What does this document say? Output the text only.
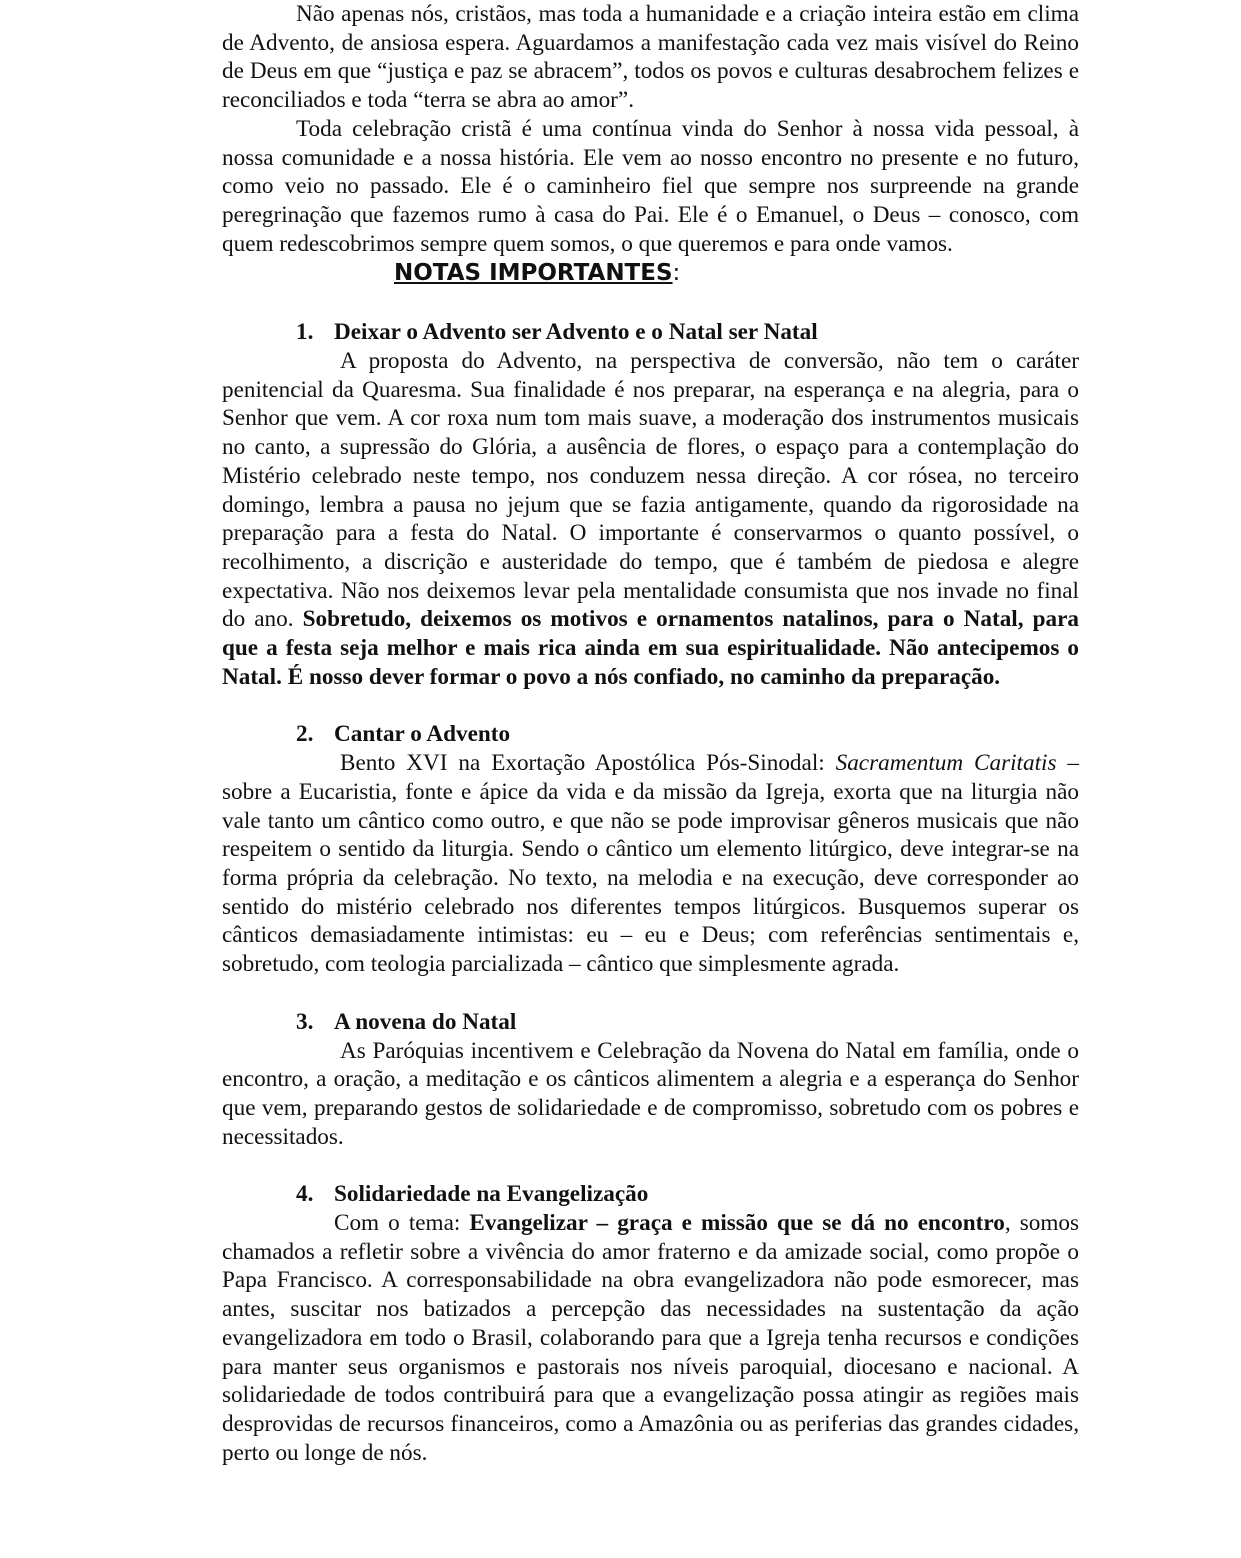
Não apenas nós, cristãos, mas toda a humanidade e a criação inteira estão em clima de Advento, de ansiosa espera. Aguardamos a manifestação cada vez mais visível do Reino de Deus em que “justiça e paz se abracem”, todos os povos e culturas desabrochem felizes e reconciliados e toda “terra se abra ao amor”.

Toda celebração cristã é uma contínua vinda do Senhor à nossa vida pessoal, à nossa comunidade e a nossa história. Ele vem ao nosso encontro no presente e no futuro, como veio no passado. Ele é o caminheiro fiel que sempre nos surpreende na grande peregrinação que fazemos rumo à casa do Pai. Ele é o Emanuel, o Deus – conosco, com quem redescobrimos sempre quem somos, o que queremos e para onde vamos.

NOTAS IMPORTANTES:
1. Deixar o Advento ser Advento e o Natal ser Natal

A proposta do Advento, na perspectiva de conversão, não tem o caráter penitencial da Quaresma. Sua finalidade é nos preparar, na esperança e na alegria, para o Senhor que vem. A cor roxa num tom mais suave, a moderação dos instrumentos musicais no canto, a supressão do Glória, a ausência de flores, o espaço para a contemplação do Mistério celebrado neste tempo, nos conduzem nessa direção. A cor rósea, no terceiro domingo, lembra a pausa no jejum que se fazia antigamente, quando da rigorosidade na preparação para a festa do Natal. O importante é conservarmos o quanto possível, o recolhimento, a discrição e austeridade do tempo, que é também de piedosa e alegre expectativa. Não nos deixemos levar pela mentalidade consumista que nos invade no final do ano. Sobretudo, deixemos os motivos e ornamentos natalinos, para o Natal, para que a festa seja melhor e mais rica ainda em sua espiritualidade. Não antecipemos o Natal. É nosso dever formar o povo a nós confiado, no caminho da preparação.

2. Cantar o Advento

Bento XVI na Exortação Apostólica Pós-Sinodal: Sacramentum Caritatis – sobre a Eucaristia, fonte e ápice da vida e da missão da Igreja, exorta que na liturgia não vale tanto um cântico como outro, e que não se pode improvisar gêneros musicais que não respeitem o sentido da liturgia. Sendo o cântico um elemento litúrgico, deve integrar-se na forma própria da celebração. No texto, na melodia e na execução, deve corresponder ao sentido do mistério celebrado nos diferentes tempos litúrgicos. Busquemos superar os cânticos demasiadamente intimistas: eu – eu e Deus; com referências sentimentais e, sobretudo, com teologia parcializada – cântico que simplesmente agrada.

3. A novena do Natal

As Paróquias incentivem e Celebração da Novena do Natal em família, onde o encontro, a oração, a meditação e os cânticos alimentem a alegria e a esperança do Senhor que vem, preparando gestos de solidariedade e de compromisso, sobretudo com os pobres e necessitados.

4. Solidariedade na Evangelização

Com o tema: Evangelizar – graça e missão que se dá no encontro, somos chamados a refletir sobre a vivência do amor fraterno e da amizade social, como propõe o Papa Francisco. A corresponsabilidade na obra evangelizadora não pode esmorecer, mas antes, suscitar nos batizados a percepção das necessidades na sustentação da ação evangelizadora em todo o Brasil, colaborando para que a Igreja tenha recursos e condições para manter seus organismos e pastorais nos níveis paroquial, diocesano e nacional. A solidariedade de todos contribuirá para que a evangelização possa atingir as regiões mais desprovidas de recursos financeiros, como a Amazônia ou as periferias das grandes cidades, perto ou longe de nós.
